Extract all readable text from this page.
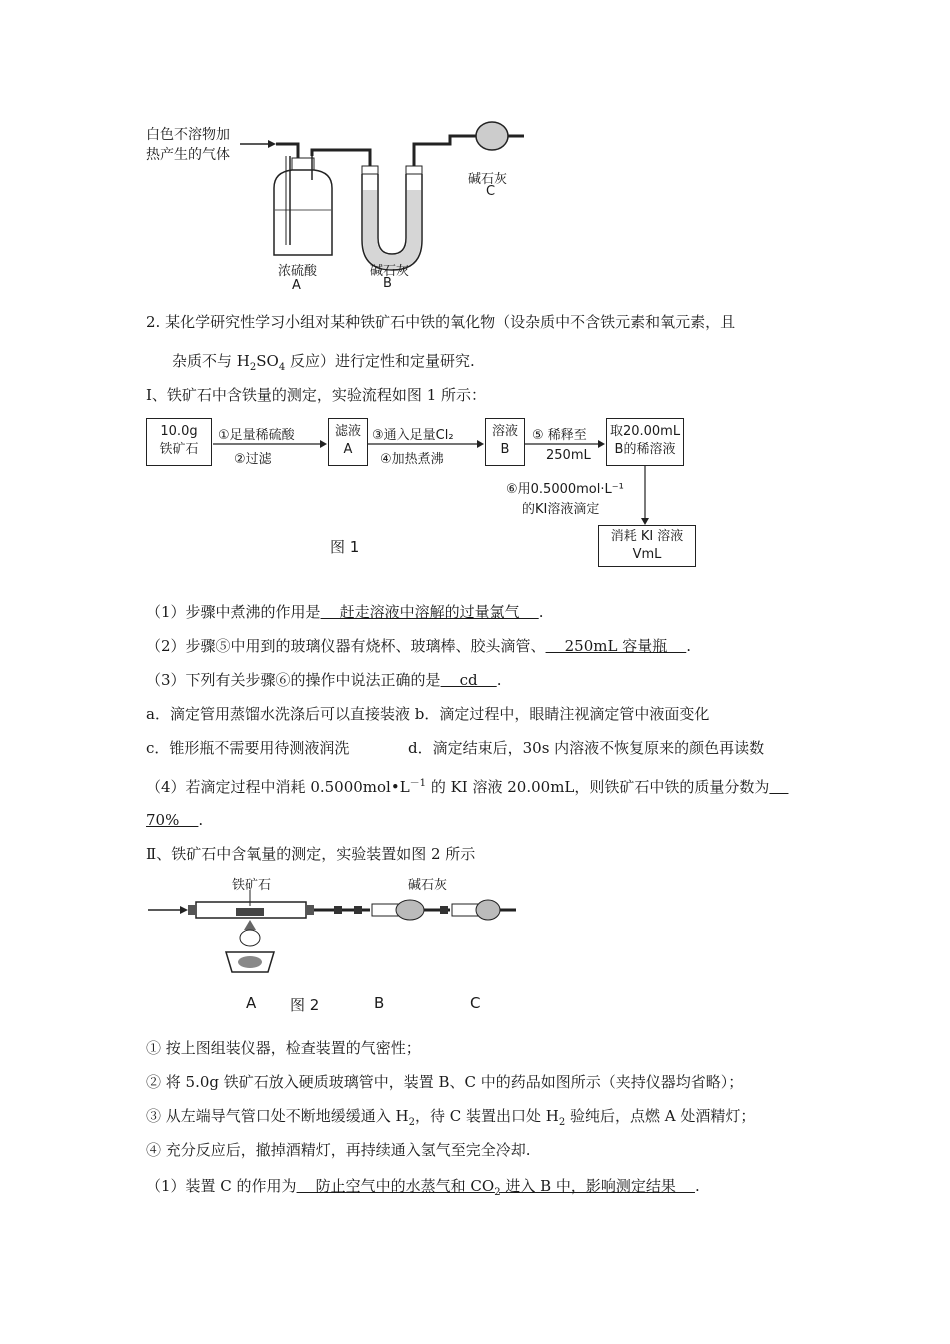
白色不溶物加
热产生的气体
浓硫酸
A
碱石灰
B
碱石灰
C
2. 某化学研究性学习小组对某种铁矿石中铁的氧化物（设杂质中不含铁元素和氧元素，且
杂质不与 $H_2SO_4$ 反应）进行定性和定量研究.
Ⅰ、铁矿石中含铁量的测定，实验流程如图 1 所示：
10.0g
铁矿石
①足量稀硫酸
②过滤
滤液
A
③通入足量Cl₂
④加热煮沸
溶液
B
⑤ 稀释至
250mL
取20.00mL
B的稀溶液
⑥用0.5000mol·L⁻¹
的KI溶液滴定
消耗 KI 溶液
VmL
图 1
（1）步骤中煮沸的作用是    赶走溶液中溶解的过量氯气    .
（2）步骤⑤中用到的玻璃仪器有烧杯、玻璃棒、胶头滴管、    250mL 容量瓶    .
（3）下列有关步骤⑥的操作中说法正确的是    cd    .
a．滴定管用蒸馏水洗涤后可以直接装液 b．滴定过程中，眼睛注视滴定管中液面变化
c．锥形瓶不需要用待测液润洗	d．滴定结束后，30s 内溶液不恢复原来的颜色再读数
（4）若滴定过程中消耗 $0.5000mol•L^{-1}$ 的 KI 溶液 20.00mL，则铁矿石中铁的质量分数为
70%    .
Ⅱ、铁矿石中含氧量的测定，实验装置如图 2 所示
铁矿石	碱石灰
A 图 2	B	C
① 按上图组装仪器，检查装置的气密性；
② 将 5.0g 铁矿石放入硬质玻璃管中，装置 B、C 中的药品如图所示（夹持仪器均省略）；
③ 从左端导气管口处不断地缓缓通入 $H_2$，待 C 装置出口处 $H_2$ 验纯后，点燃 A 处酒精灯；
④ 充分反应后，撤掉酒精灯，再持续通入氢气至完全冷却.
（1）装置 C 的作用为    防止空气中的水蒸气和 $CO_2$ 进入 B 中，影响测定结果    .
